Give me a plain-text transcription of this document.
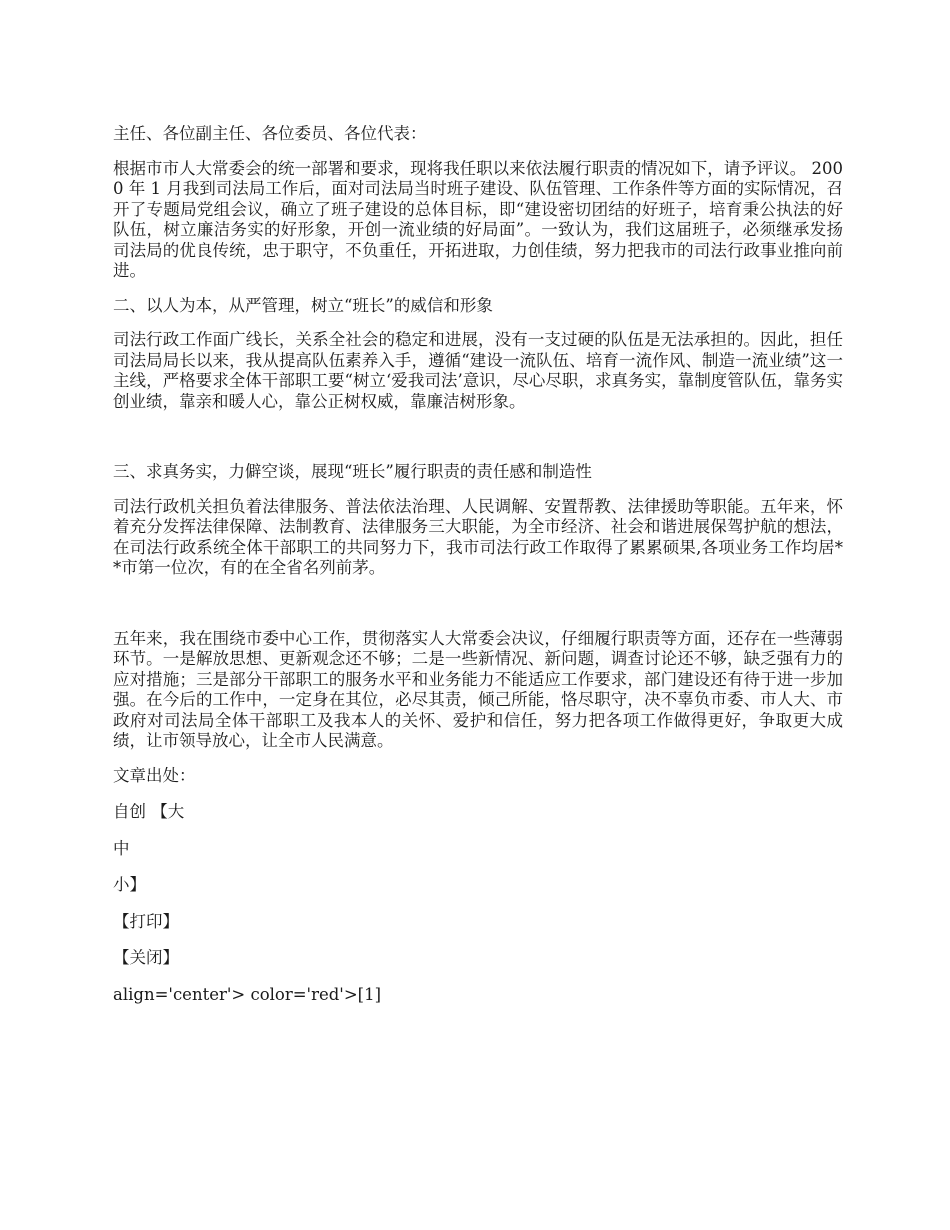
主任、各位副主任、各位委员、各位代表：

根据市市人大常委会的统一部署和要求，现将我任职以来依法履行职责的情况如下，请予评议。 2000 年 1 月我到司法局工作后，面对司法局当时班子建设、队伍管理、工作条件等方面的实际情况，召开了专题局党组会议，确立了班子建设的总体目标，即“建设密切团结的好班子，培育秉公执法的好队伍，树立廉洁务实的好形象，开创一流业绩的好局面”。一致认为，我们这届班子，必须继承发扬司法局的优良传统，忠于职守，不负重任，开拓进取，力创佳绩，努力把我市的司法行政事业推向前进。

二、以人为本，从严管理，树立“班长”的威信和形象

司法行政工作面广线长，关系全社会的稳定和进展，没有一支过硬的队伍是无法承担的。因此，担任司法局局长以来，我从提高队伍素养入手，遵循“建设一流队伍、培育一流作风、制造一流业绩”这一主线，严格要求全体干部职工要“树立‘爱我司法’意识，尽心尽职，求真务实，靠制度管队伍，靠务实创业绩，靠亲和暖人心，靠公正树权威，靠廉洁树形象。

三、求真务实，力僻空谈，展现“班长”履行职责的责任感和制造性

司法行政机关担负着法律服务、普法依法治理、人民调解、安置帮教、法律援助等职能。五年来，怀着充分发挥法律保障、法制教育、法律服务三大职能，为全市经济、社会和谐进展保驾护航的想法，在司法行政系统全体干部职工的共同努力下，我市司法行政工作取得了累累硕果,各项业务工作均居**市第一位次，有的在全省名列前茅。

五年来，我在围绕市委中心工作，贯彻落实人大常委会决议，仔细履行职责等方面，还存在一些薄弱环节。一是解放思想、更新观念还不够；二是一些新情况、新问题，调查讨论还不够，缺乏强有力的应对措施；三是部分干部职工的服务水平和业务能力不能适应工作要求，部门建设还有待于进一步加强。在今后的工作中，一定身在其位，必尽其责，倾己所能，恪尽职守，决不辜负市委、市人大、市政府对司法局全体干部职工及我本人的关怀、爱护和信任，努力把各项工作做得更好，争取更大成绩，让市领导放心，让全市人民满意。

文章出处：

自创 【大

中

小】

【打印】

【关闭】

align='center'> color='red'>[1]
